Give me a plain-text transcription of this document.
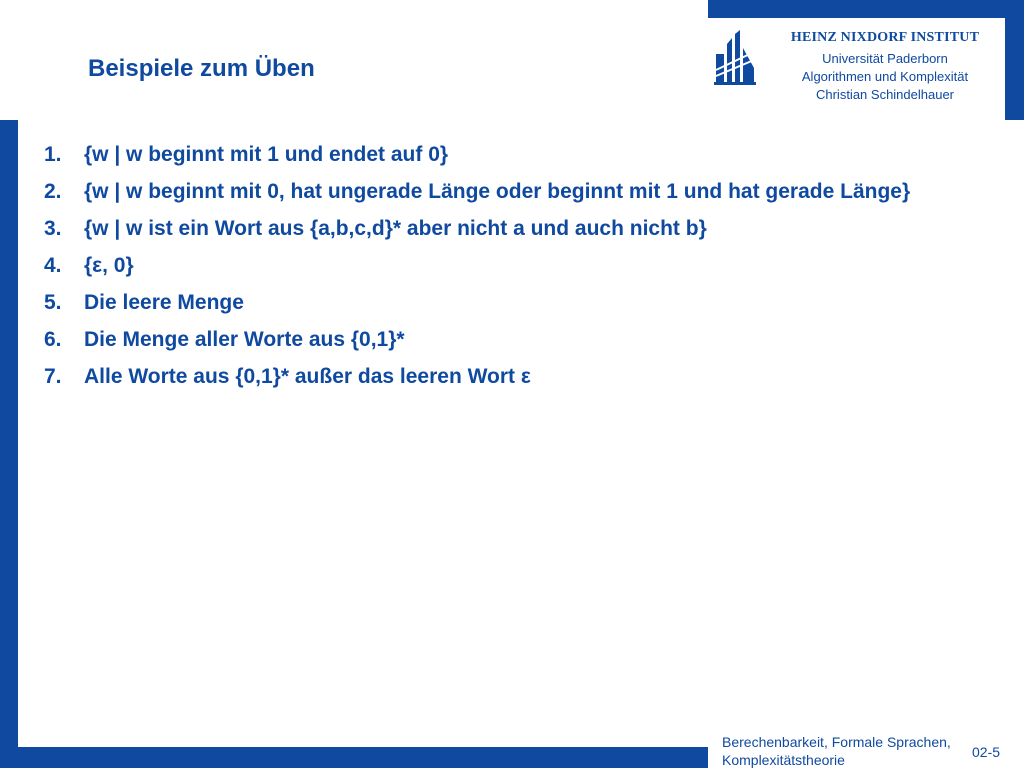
Beispiele zum Üben
HEINZ NIXDORF INSTITUT
Universität Paderborn
Algorithmen und Komplexität
Christian Schindelhauer
1.	{w | w beginnt mit 1 und endet auf 0}
2.	{w | w beginnt mit 0, hat ungerade Länge oder beginnt mit 1 und hat gerade Länge}
3.	{w | w ist ein Wort aus {a,b,c,d}* aber nicht a und auch nicht b}
4.	{ε, 0}
5.	Die leere Menge
6.	Die Menge aller Worte aus {0,1}*
7.	Alle Worte aus {0,1}* außer das leeren Wort ε
Berechenbarkeit, Formale Sprachen,
Komplexitätstheorie	02-5
